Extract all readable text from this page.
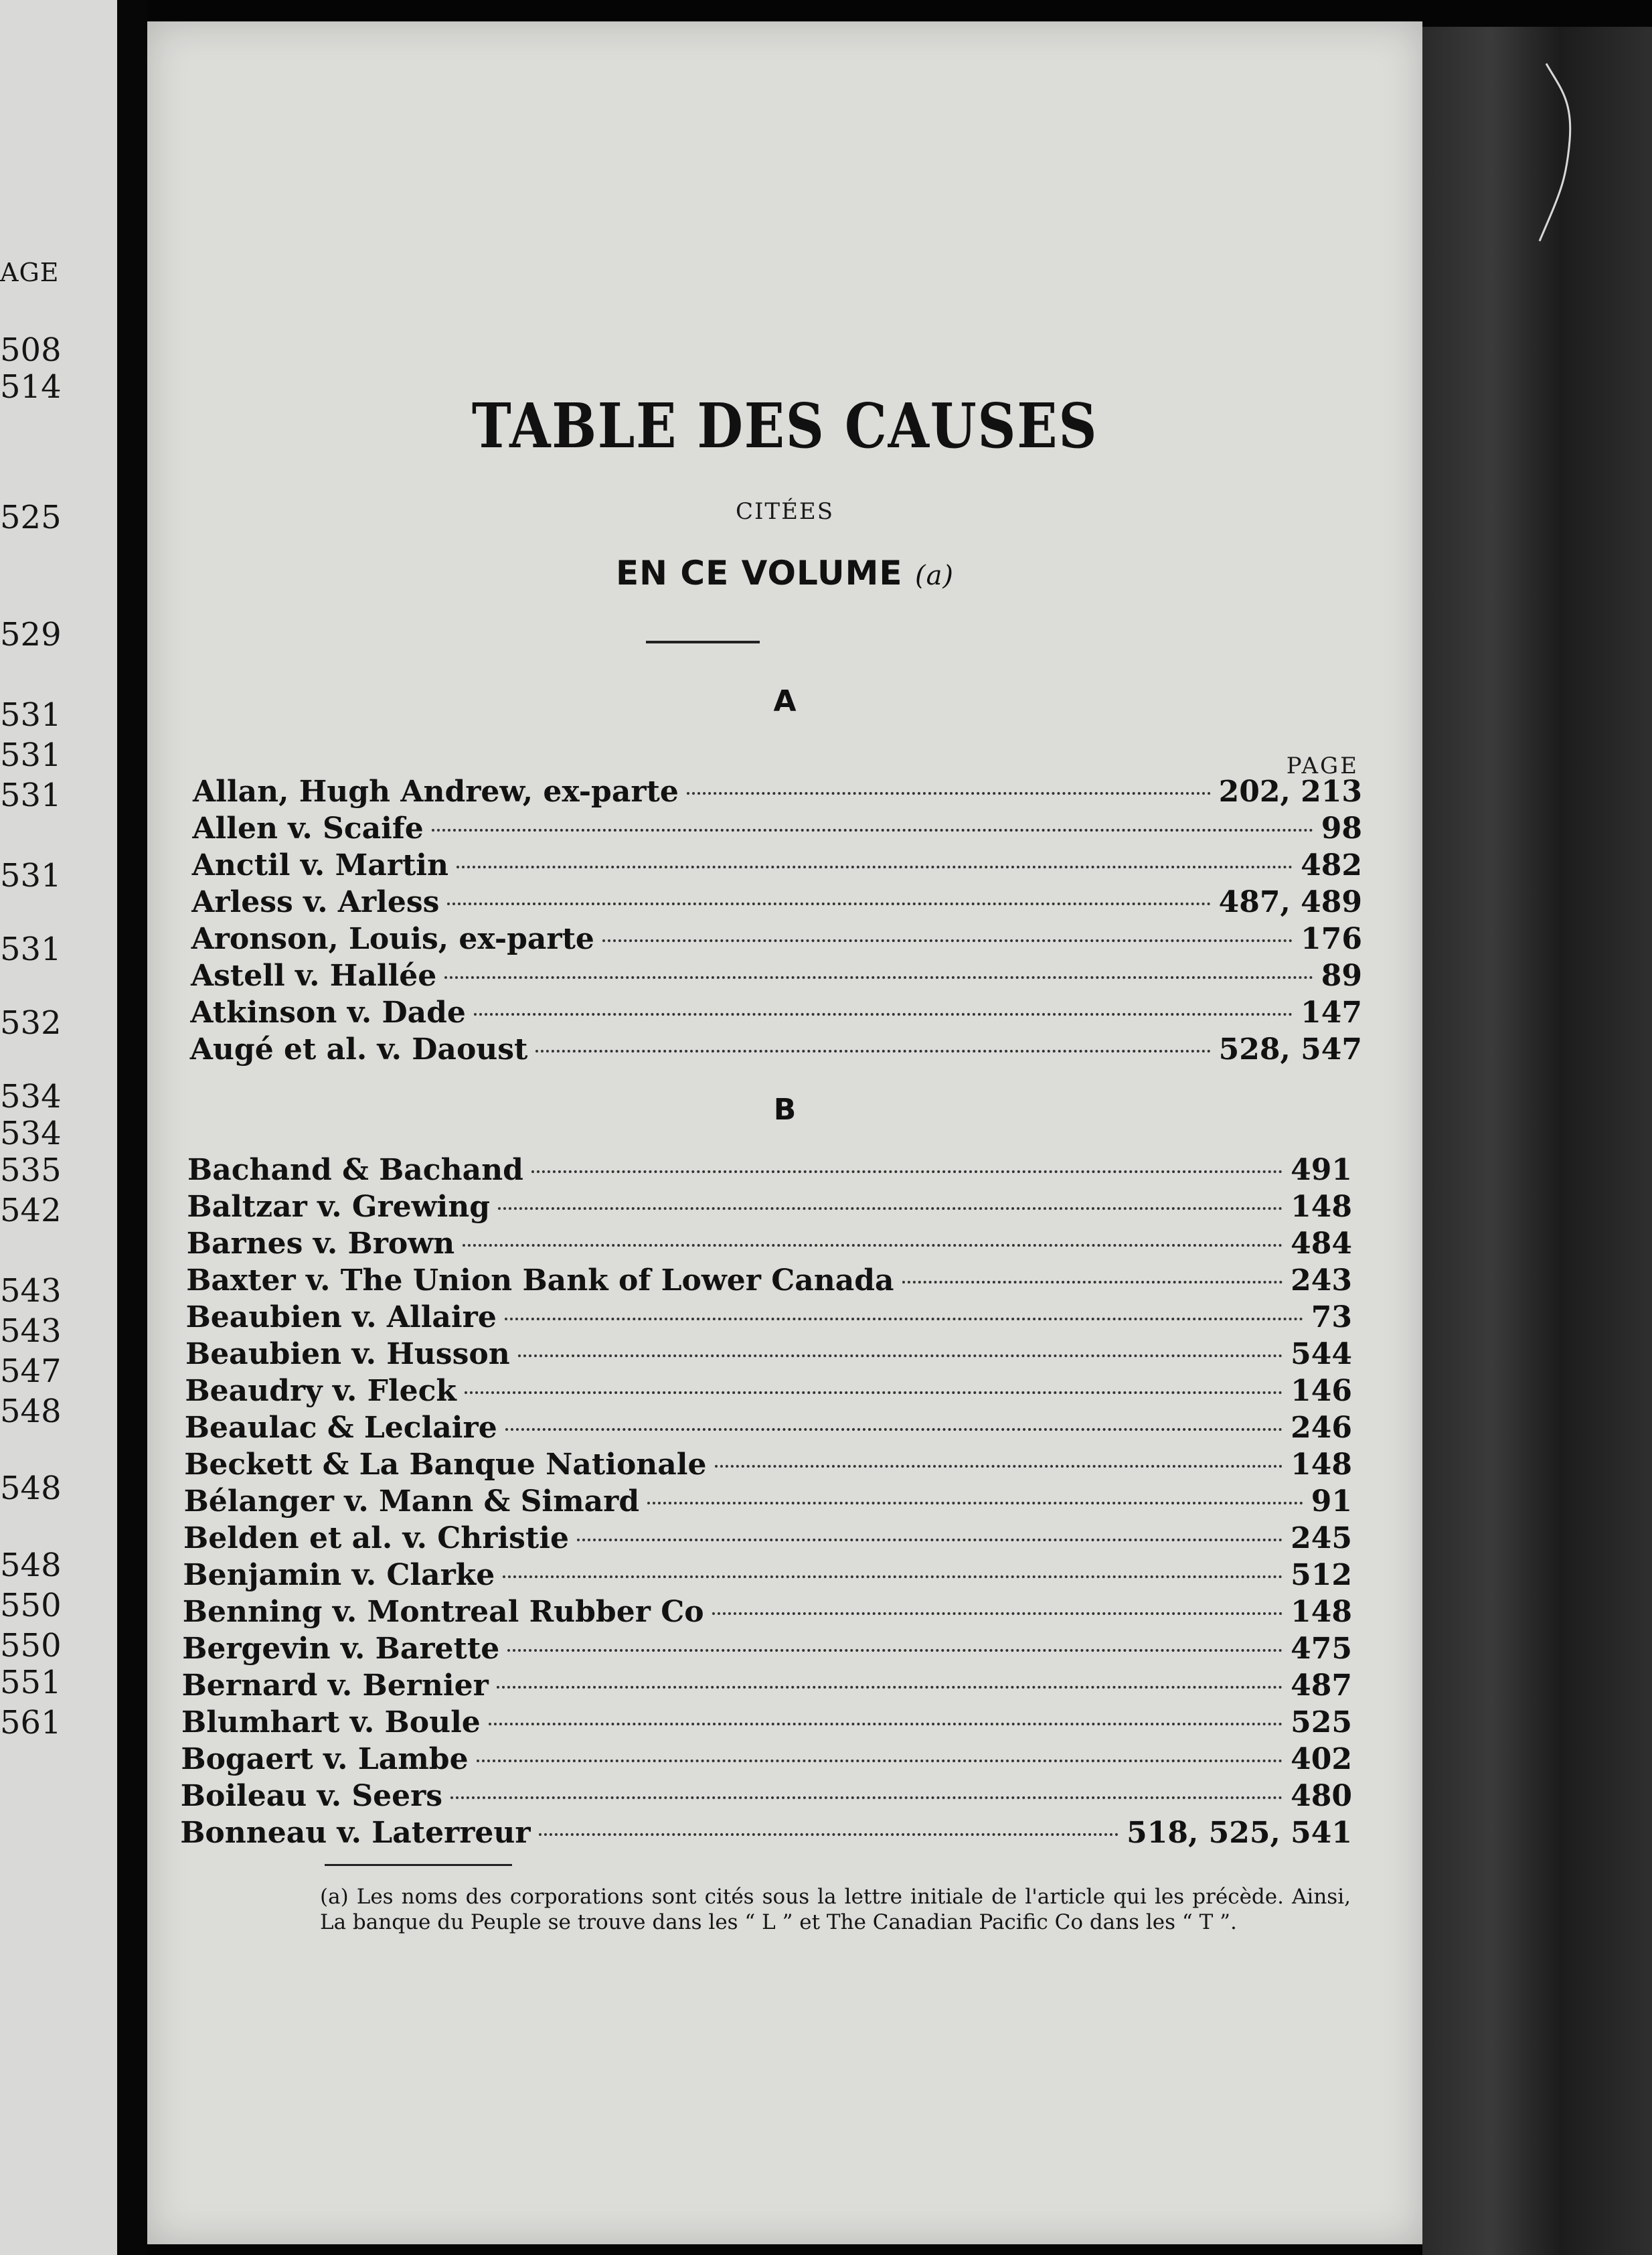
AGE
508
514
525
529
531
531
531
531
531
532
534
534
535
542
543
543
547
548
548
548
550
550
551
561
TABLE DES CAUSES
CITÉES
EN CE VOLUME (a)
PAGE
A
Allan, Hugh Andrew, ex-parte	202, 213
Allen v. Scaife	98
Anctil v. Martin	482
Arless v. Arless	487, 489
Aronson, Louis, ex-parte	176
Astell v. Hallée	89
Atkinson v. Dade	147
Augé et al. v. Daoust	528, 547
B
Bachand & Bachand	491
Baltzar v. Grewing	148
Barnes v. Brown	484
Baxter v. The Union Bank of Lower Canada	243
Beaubien v. Allaire	73
Beaubien v. Husson	544
Beaudry v. Fleck	146
Beaulac & Leclaire	246
Beckett & La Banque Nationale	148
Bélanger v. Mann & Simard	91
Belden et al. v. Christie	245
Benjamin v. Clarke	512
Benning v. Montreal Rubber Co	148
Bergevin v. Barette	475
Bernard v. Bernier	487
Blumhart v. Boule	525
Bogaert v. Lambe	402
Boileau v. Seers	480
Bonneau v. Laterreur	518, 525, 541
(a) Les noms des corporations sont cités sous la lettre initiale de l'article qui les précède. Ainsi, La banque du Peuple se trouve dans les “ L ” et The Canadian Pacific Co dans les “ T ”.
